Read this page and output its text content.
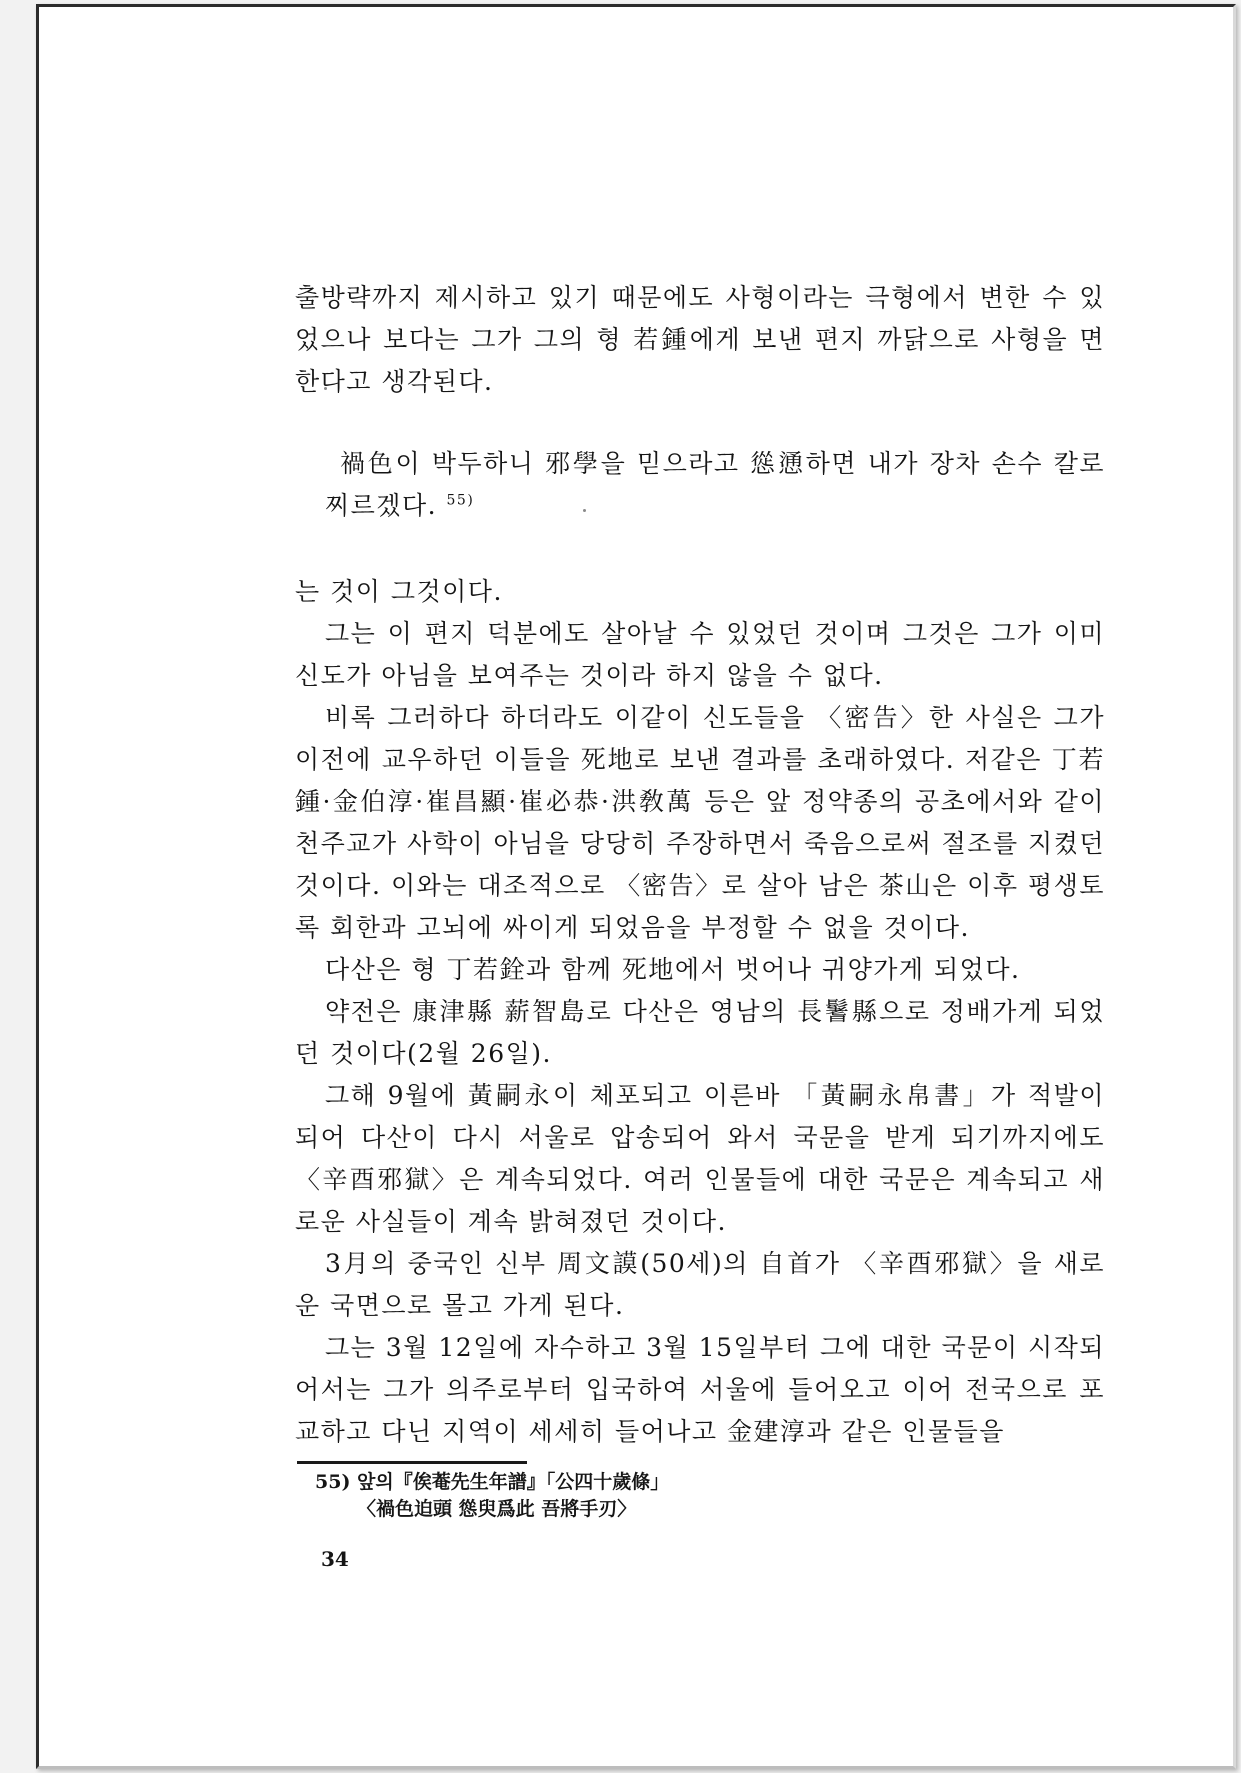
출방략까지 제시하고 있기 때문에도 사형이라는 극형에서 변한 수 있었으나 보다는 그가 그의 형 若鍾에게 보낸 편지 까닭으로 사형을 면한다고 생각된다.

禍色이 박두하니 邪學을 믿으라고 慫慂하면 내가 장차 손수 칼로 찌르겠다. $^{55)}$

는 것이 그것이다.

그는 이 편지 덕분에도 살아날 수 있었던 것이며 그것은 그가 이미 신도가 아님을 보여주는 것이라 하지 않을 수 없다.

비록 그러하다 하더라도 이같이 신도들을 〈密告〉한 사실은 그가 이전에 교우하던 이들을 死地로 보낸 결과를 초래하였다. 저같은 丁若鍾·金伯淳·崔昌顯·崔必恭·洪敎萬 등은 앞 정약종의 공초에서와 같이 천주교가 사학이 아님을 당당히 주장하면서 죽음으로써 절조를 지켰던 것이다. 이와는 대조적으로 〈密告〉로 살아 남은 茶山은 이후 평생토록 회한과 고뇌에 싸이게 되었음을 부정할 수 없을 것이다.

다산은 형 丁若銓과 함께 死地에서 벗어나 귀양가게 되었다.

약전은 康津縣 薪智島로 다산은 영남의 長鬐縣으로 정배가게 되었던 것이다(2월 26일).

그해 9월에 黃嗣永이 체포되고 이른바 「黃嗣永帛書」가 적발이 되어 다산이 다시 서울로 압송되어 와서 국문을 받게 되기까지에도 〈辛酉邪獄〉은 계속되었다. 여러 인물들에 대한 국문은 계속되고 새로운 사실들이 계속 밝혀졌던 것이다.

3月의 중국인 신부 周文謨(50세)의 自首가 〈辛酉邪獄〉을 새로운 국면으로 몰고 가게 된다.

그는 3월 12일에 자수하고 3월 15일부터 그에 대한 국문이 시작되어서는 그가 의주로부터 입국하여 서울에 들어오고 이어 전국으로 포교하고 다닌 지역이 세세히 들어나고 金建淳과 같은 인물들을

55) 앞의『俟菴先生年譜』「公四十歲條」
〈禍色迫頭 慫臾爲此 吾將手刃〉
34
